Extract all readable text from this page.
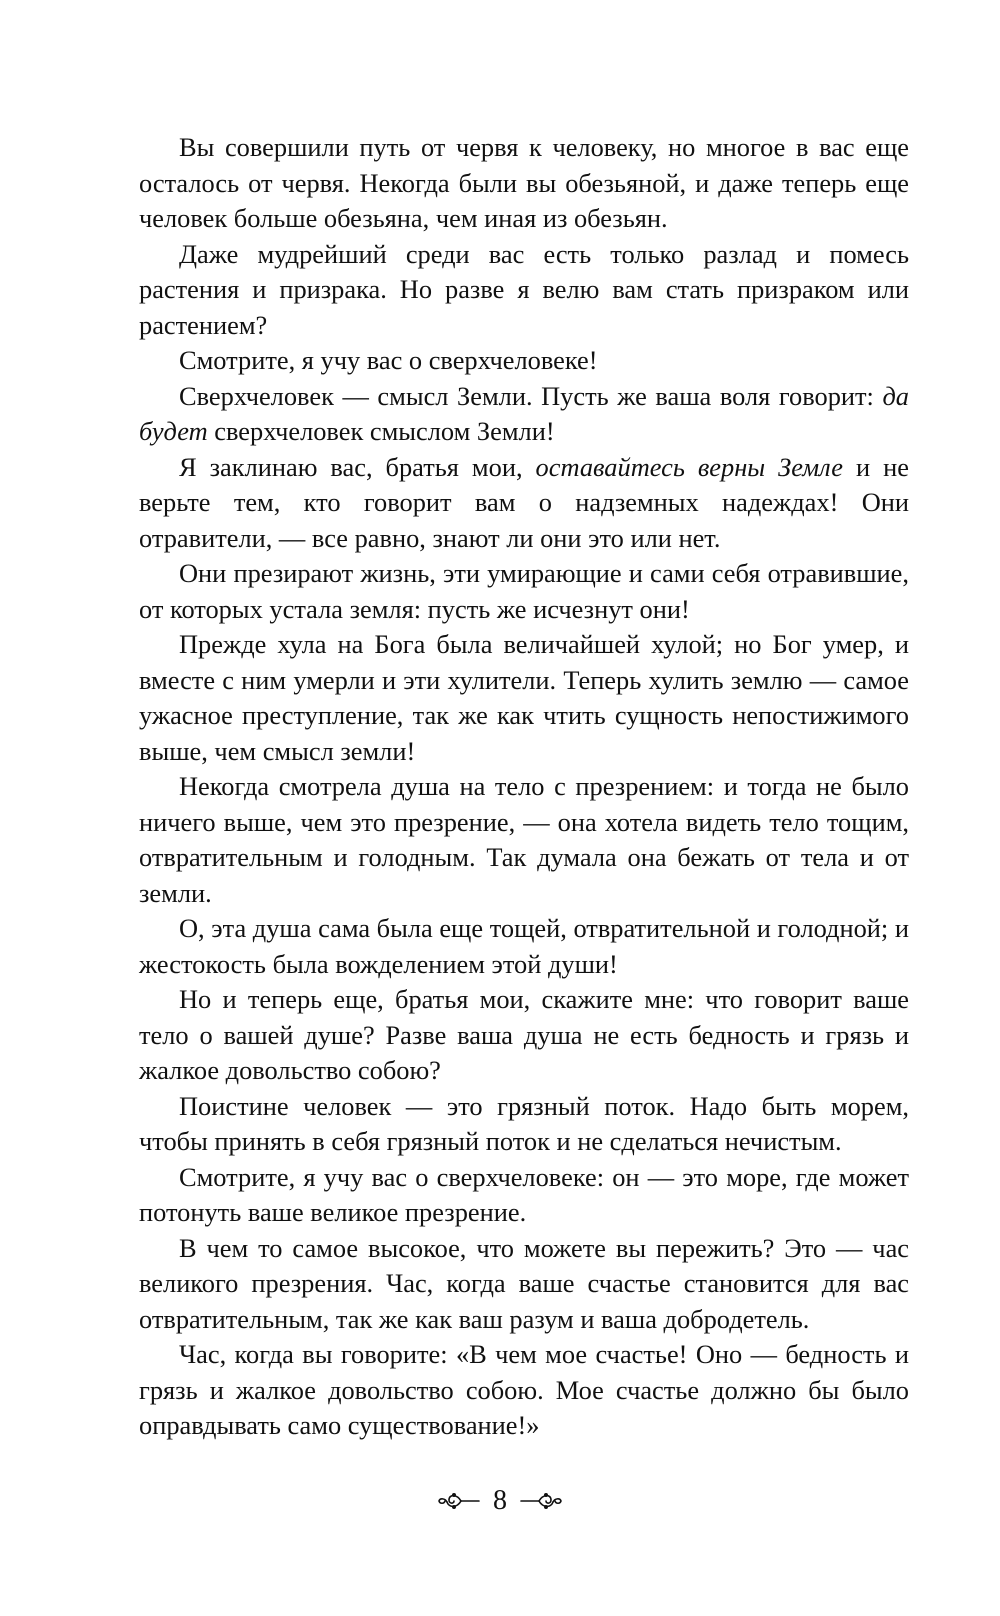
Вы совершили путь от червя к человеку, но многое в вас еще осталось от червя. Некогда были вы обезьяной, и даже теперь еще человек больше обезьяна, чем иная из обезьян.

Даже мудрейший среди вас есть только разлад и помесь растения и призрака. Но разве я велю вам стать призраком или растением?

Смотрите, я учу вас о сверхчеловеке!

Сверхчеловек — смысл Земли. Пусть же ваша воля говорит: да будет сверхчеловек смыслом Земли!

Я заклинаю вас, братья мои, оставайтесь верны Земле и не верьте тем, кто говорит вам о надземных надеждах! Они отравители, — все равно, знают ли они это или нет.

Они презирают жизнь, эти умирающие и сами себя отравившие, от которых устала земля: пусть же исчезнут они!

Прежде хула на Бога была величайшей хулой; но Бог умер, и вместе с ним умерли и эти хулители. Теперь хулить землю — самое ужасное преступление, так же как чтить сущность непостижимого выше, чем смысл земли!

Некогда смотрела душа на тело с презрением: и тогда не было ничего выше, чем это презрение, — она хотела видеть тело тощим, отвратительным и голодным. Так думала она бежать от тела и от земли.

О, эта душа сама была еще тощей, отвратительной и голодной; и жестокость была вожделением этой души!

Но и теперь еще, братья мои, скажите мне: что говорит ваше тело о вашей душе? Разве ваша душа не есть бедность и грязь и жалкое довольство собою?

Поистине человек — это грязный поток. Надо быть морем, чтобы принять в себя грязный поток и не сделаться нечистым.

Смотрите, я учу вас о сверхчеловеке: он — это море, где может потонуть ваше великое презрение.

В чем то самое высокое, что можете вы пережить? Это — час великого презрения. Час, когда ваше счастье становится для вас отвратительным, так же как ваш разум и ваша добродетель.

Час, когда вы говорите: «В чем мое счастье! Оно — бедность и грязь и жалкое довольство собою. Мое счастье должно бы было оправдывать само существование!»

8
